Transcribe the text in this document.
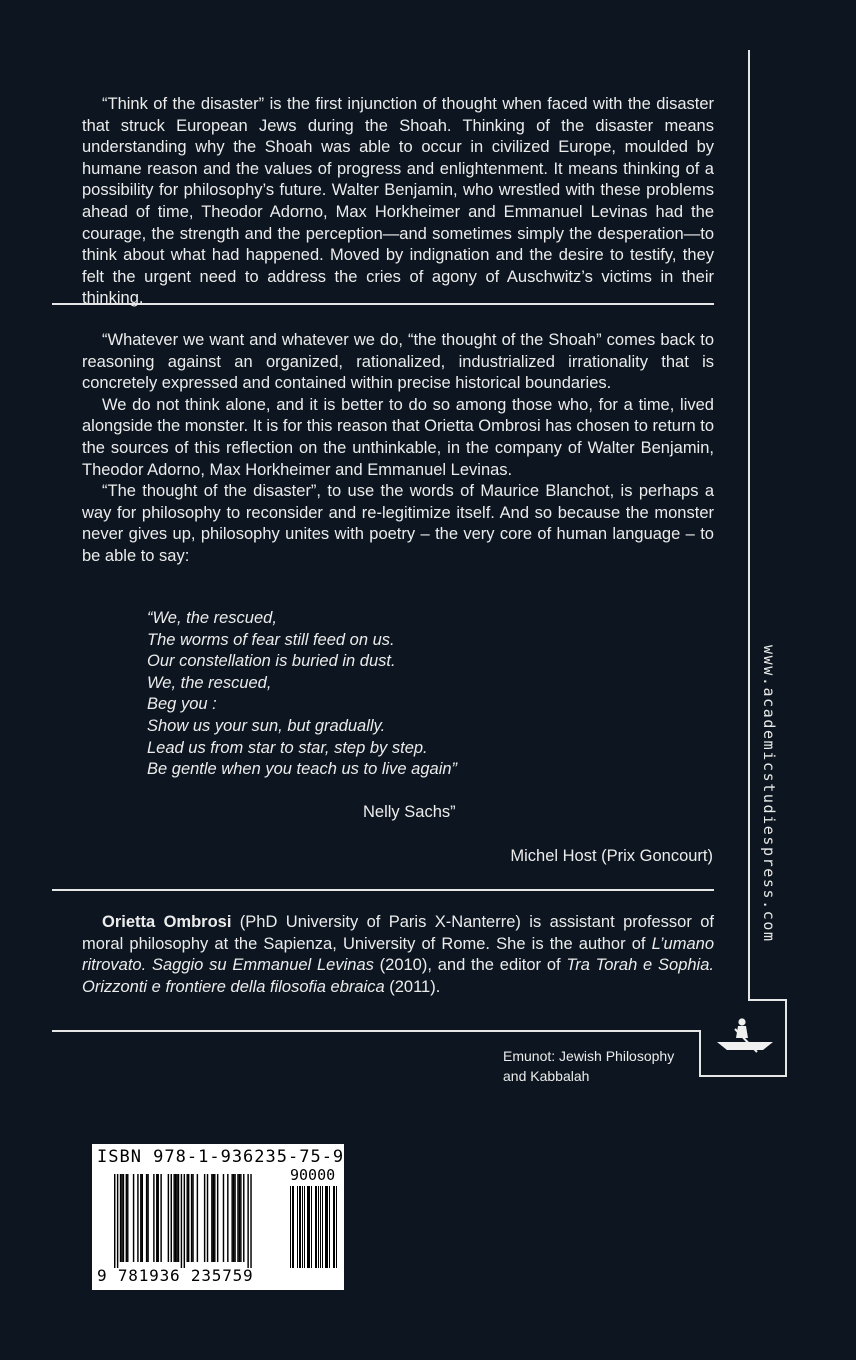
“Think of the disaster” is the first injunction of thought when faced with the disaster that struck European Jews during the Shoah. Thinking of the disaster means understanding why the Shoah was able to occur in civilized Europe, moulded by humane reason and the values of progress and enlightenment. It means thinking of a possibility for philosophy’s future. Walter Benjamin, who wrestled with these problems ahead of time, Theodor Adorno, Max Horkheimer and Emmanuel Levinas had the courage, the strength and the perception—and sometimes simply the desperation—to think about what had happened. Moved by indignation and the desire to testify, they felt the urgent need to address the cries of agony of Auschwitz’s victims in their thinking.

“Whatever we want and whatever we do, “the thought of the Shoah” comes back to reasoning against an organized, rationalized, industrialized irrationality that is concretely expressed and contained within precise historical boundaries.

We do not think alone, and it is better to do so among those who, for a time, lived alongside the monster. It is for this reason that Orietta Ombrosi has chosen to return to the sources of this reflection on the unthinkable, in the company of Walter Benjamin, Theodor Adorno, Max Horkheimer and Emmanuel Levinas.

“The thought of the disaster”, to use the words of Maurice Blanchot, is perhaps a way for philosophy to reconsider and re-legitimize itself. And so because the monster never gives up, philosophy unites with poetry – the very core of human language – to be able to say:

“We, the rescued,
The worms of fear still feed on us.
Our constellation is buried in dust.
We, the rescued,
Beg you :
Show us your sun, but gradually.
Lead us from star to star, step by step.
Be gentle when you teach us to live again”
Nelly Sachs”
Michel Host (Prix Goncourt)

Orietta Ombrosi (PhD University of Paris X-Nanterre) is assistant professor of moral philosophy at the Sapienza, University of Rome. She is the author of L’umano ritrovato. Saggio su Emmanuel Levinas (2010), and the editor of Tra Torah e Sophia. Orizzonti e frontiere della filosofia ebraica (2011).

Emunot: Jewish Philosophy
and Kabbalah
www.academicstudiespress.com
ISBN 978-1-936235-75-9
90000
9 781936 235759
